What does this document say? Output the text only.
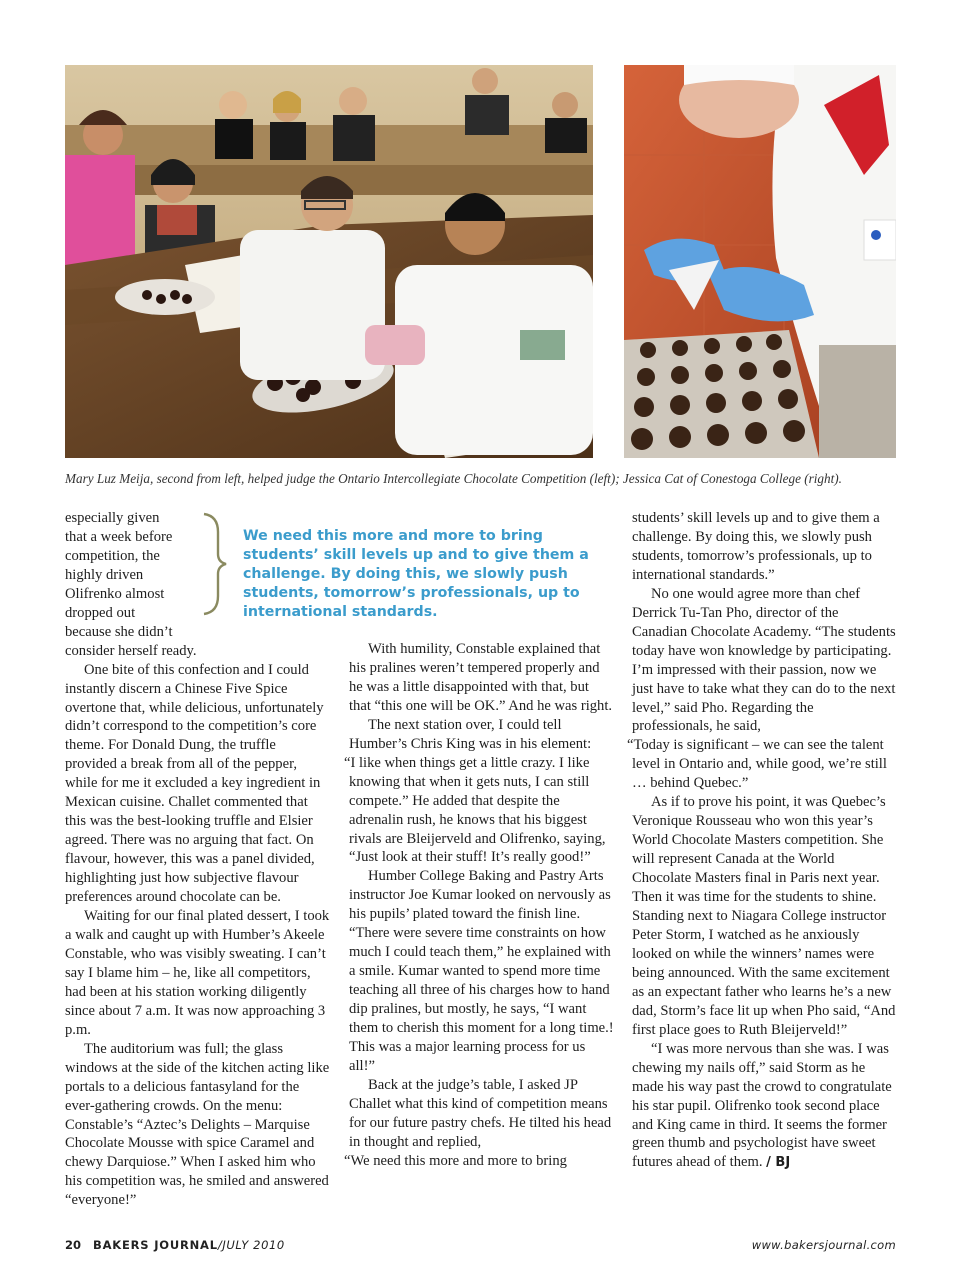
Mary Luz Meija, second from left, helped judge the Ontario Intercollegiate Chocolate Competition (left); Jessica Cat of Conestoga College (right).
We need this more and more to bring students’ skill levels up and to give them a challenge. By doing this, we slowly push students, tomorrow’s professionals, up to international standards.
especially given
that a week before
competition, the
highly driven
Olifrenko almost
dropped out
because she didn’t
consider herself ready.

One bite of this confection and I could instantly discern a Chinese Five Spice overtone that, while delicious, unfortunately didn’t correspond to the competition’s core theme. For Donald Dung, the truffle provided a break from all of the pepper, while for me it excluded a key ingredient in Mexican cuisine. Challet commented that this was the best-looking truffle and Elsier agreed. There was no arguing that fact. On flavour, however, this was a panel divided, highlighting just how subjective flavour preferences around chocolate can be.

Waiting for our final plated dessert, I took a walk and caught up with Humber’s Akeele Constable, who was visibly sweating. I can’t say I blame him – he, like all competitors, had been at his station working diligently since about 7 a.m. It was now approaching 3 p.m.

The auditorium was full; the glass windows at the side of the kitchen acting like portals to a delicious fantasyland for the ever-gathering crowds. On the menu: Constable’s “Aztec’s Delights – Marquise Chocolate Mousse with spice Caramel and chewy Darquiose.” When I asked him who his competition was, he smiled and answered “everyone!”

With humility, Constable explained that his pralines weren’t tempered properly and he was a little disappointed with that, but that “this one will be OK.” And he was right.

The next station over, I could tell Humber’s Chris King was in his element:

“I like when things get a little crazy. I like knowing that when it gets nuts, I can still compete.” He added that despite the adrenalin rush, he knows that his biggest rivals are Bleijerveld and Olifrenko, saying, “Just look at their stuff! It’s really good!”

Humber College Baking and Pastry Arts instructor Joe Kumar looked on nervously as his pupils’ plated toward the finish line. “There were severe time constraints on how much I could teach them,” he explained with a smile. Kumar wanted to spend more time teaching all three of his charges how to hand dip pralines, but mostly, he says, “I want them to cherish this moment for a long time.! This was a major learning process for us all!”

Back at the judge’s table, I asked JP Challet what this kind of competition means for our future pastry chefs. He tilted his head in thought and replied,

“We need this more and more to bring

students’ skill levels up and to give them a challenge. By doing this, we slowly push students, tomorrow’s professionals, up to international standards.”

No one would agree more than chef Derrick Tu-Tan Pho, director of the Canadian Chocolate Academy. “The students today have won knowledge by participating. I’m impressed with their passion, now we just have to take what they can do to the next level,” said Pho. Regarding the professionals, he said,

“Today is significant – we can see the talent level in Ontario and, while good, we’re still … behind Quebec.”

As if to prove his point, it was Quebec’s Veronique Rousseau who won this year’s World Chocolate Masters competition. She will represent Canada at the World Chocolate Masters final in Paris next year. Then it was time for the students to shine. Standing next to Niagara College instructor Peter Storm, I watched as he anxiously looked on while the winners’ names were being announced. With the same excitement as an expectant father who learns he’s a new dad, Storm’s face lit up when Pho said, “And first place goes to Ruth Bleijerveld!”

“I was more nervous than she was. I was chewing my nails off,” said Storm as he made his way past the crowd to congratulate his star pupil. Olifrenko took second place and King came in third. It seems the former green thumb and psychologist have sweet futures ahead of them. / BJ

20 BAKERS JOURNAL/JULY 2010	www.bakersjournal.com
